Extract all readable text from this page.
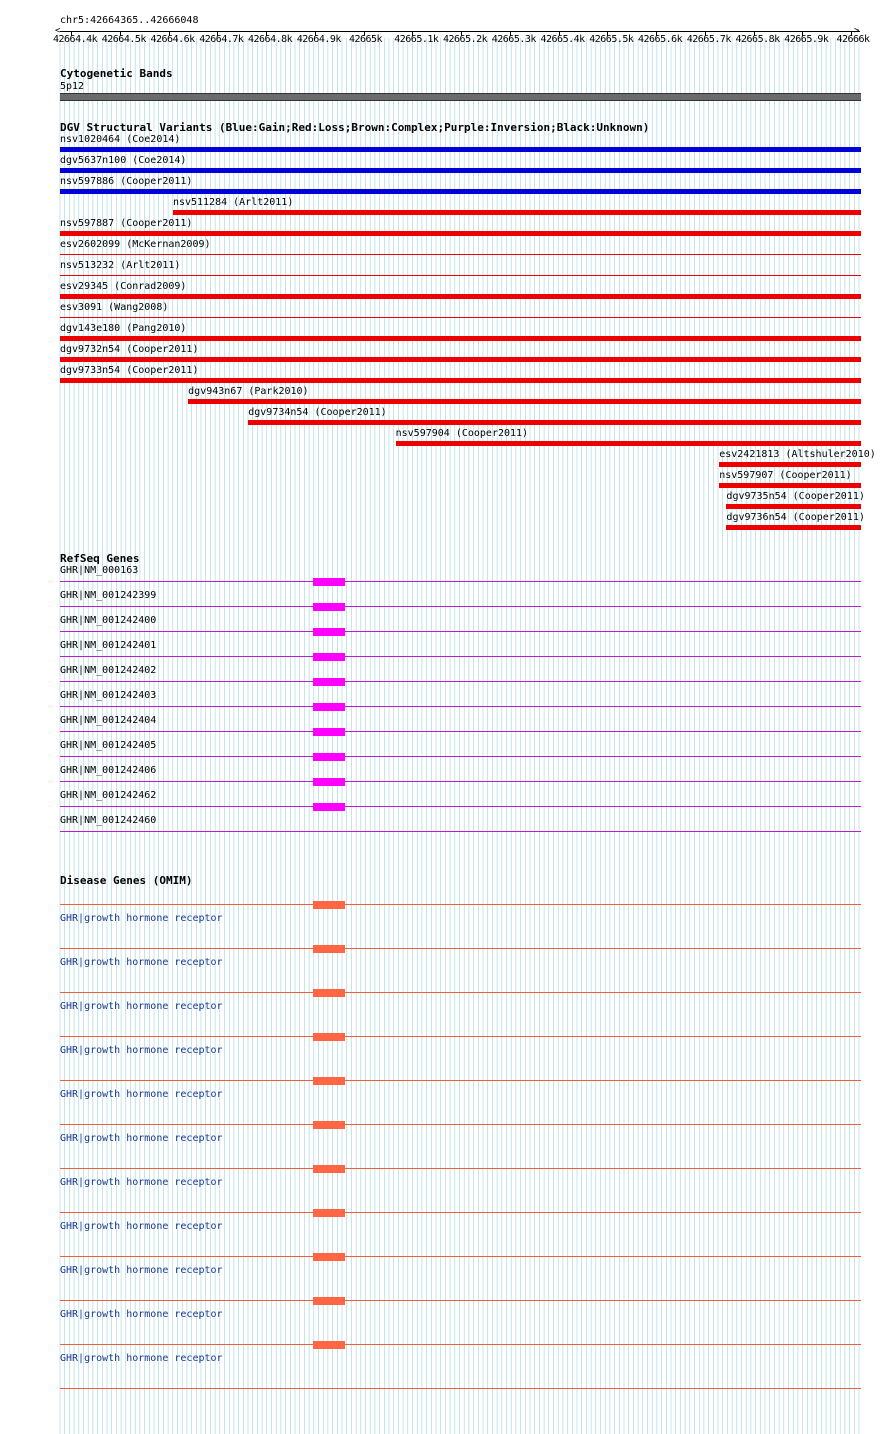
chr5:42664365..42666048
<	>
42664.4k 42664.5k 42664.6k 42664.7k 42664.8k 42664.9k 42665k	42665.1k 42665.2k 42665.3k 42665.4k 42665.5k 42665.6k 42665.7k 42665.8k 42665.9k 42666k
Cytogenetic Bands
5p12
DGV Structural Variants (Blue:Gain;Red:Loss;Brown:Complex;Purple:Inversion;Black:Unknown)
nsv1020464 (Coe2014)
dgv5637n100 (Coe2014)
nsv597886 (Cooper2011)
nsv511284 (Arlt2011)
nsv597887 (Cooper2011)
esv2602099 (McKernan2009)
nsv513232 (Arlt2011)
esv29345 (Conrad2009)
esv3091 (Wang2008)
dgv143e180 (Pang2010)
dgv9732n54 (Cooper2011)
dgv9733n54 (Cooper2011)
dgv943n67 (Park2010)
dgv9734n54 (Cooper2011)
nsv597904 (Cooper2011)
esv2421813 (Altshuler2010)
nsv597907 (Cooper2011)
dgv9735n54 (Cooper2011)
dgv9736n54 (Cooper2011)
RefSeq Genes
GHR|NM_000163
GHR|NM_001242399
GHR|NM_001242400
GHR|NM_001242401
GHR|NM_001242402
GHR|NM_001242403
GHR|NM_001242404
GHR|NM_001242405
GHR|NM_001242406
GHR|NM_001242462
GHR|NM_001242460
Disease Genes (OMIM)
GHR|growth hormone receptor
GHR|growth hormone receptor
GHR|growth hormone receptor
GHR|growth hormone receptor
GHR|growth hormone receptor
GHR|growth hormone receptor
GHR|growth hormone receptor
GHR|growth hormone receptor
GHR|growth hormone receptor
GHR|growth hormone receptor
GHR|growth hormone receptor
